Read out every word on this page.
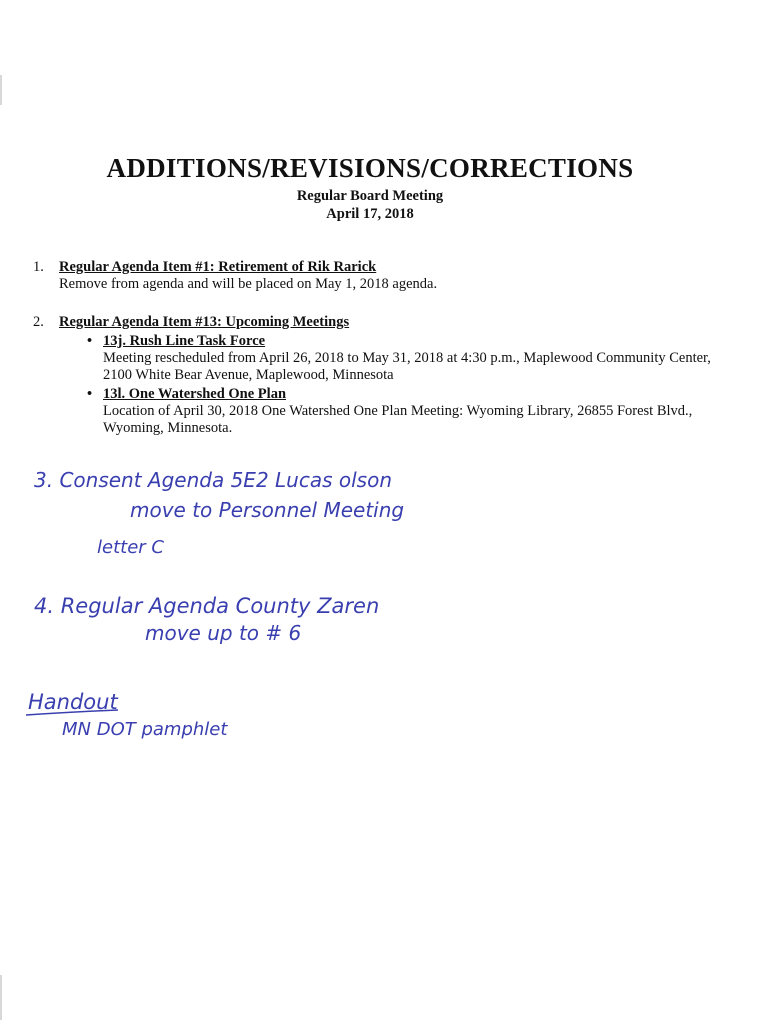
ADDITIONS/REVISIONS/CORRECTIONS
Regular Board Meeting
April 17, 2018
1. Regular Agenda Item #1: Retirement of Rik Rarick
Remove from agenda and will be placed on May 1, 2018 agenda.
2. Regular Agenda Item #13: Upcoming Meetings
• 13j. Rush Line Task Force
Meeting rescheduled from April 26, 2018 to May 31, 2018 at 4:30 p.m., Maplewood Community Center, 2100 White Bear Avenue, Maplewood, Minnesota
• 13l. One Watershed One Plan
Location of April 30, 2018 One Watershed One Plan Meeting: Wyoming Library, 26855 Forest Blvd., Wyoming, Minnesota.
3. Consent Agenda 5E2 Lucas olson
move to Personnel Meeting
letter C
4. Regular Agenda County Zaren
move up to # 6
Handout
MN DOT pamphlet
